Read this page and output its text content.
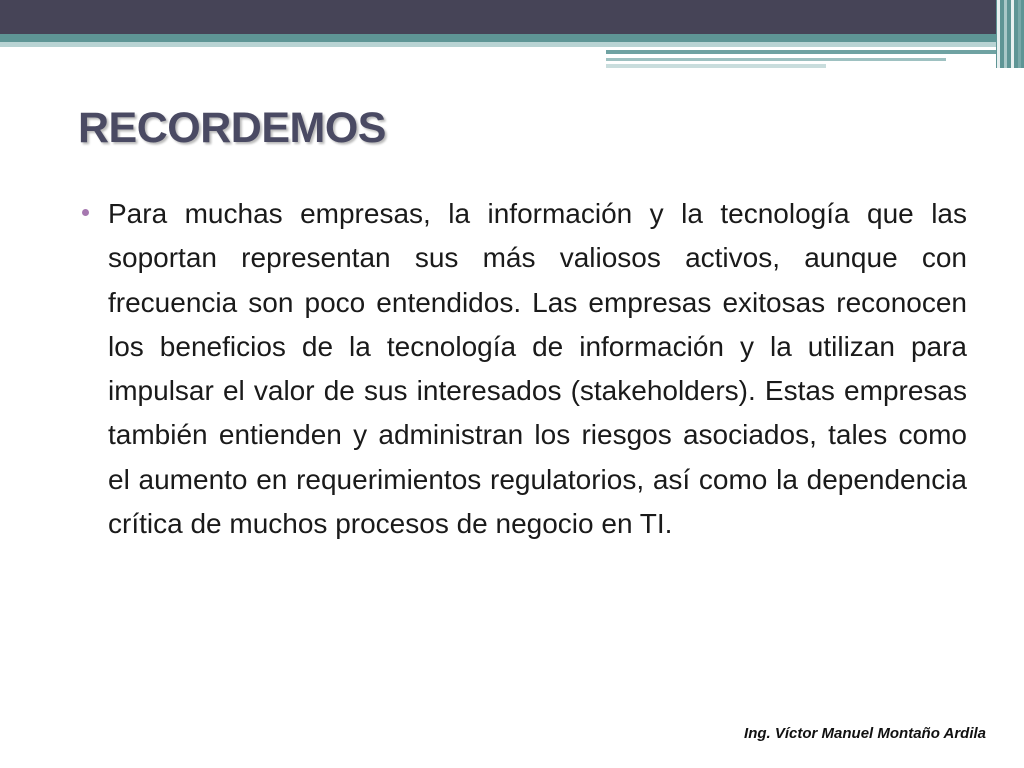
RECORDEMOS
Para muchas empresas, la información y la tecnología que las soportan representan sus más valiosos activos, aunque con frecuencia son poco entendidos. Las empresas exitosas reconocen los beneficios de la tecnología de información y la utilizan para impulsar el valor de sus interesados (stakeholders). Estas empresas también entienden y administran los riesgos asociados, tales como el aumento en requerimientos regulatorios, así como la dependencia crítica de muchos procesos de negocio en TI.
Ing. Víctor Manuel Montaño Ardila
